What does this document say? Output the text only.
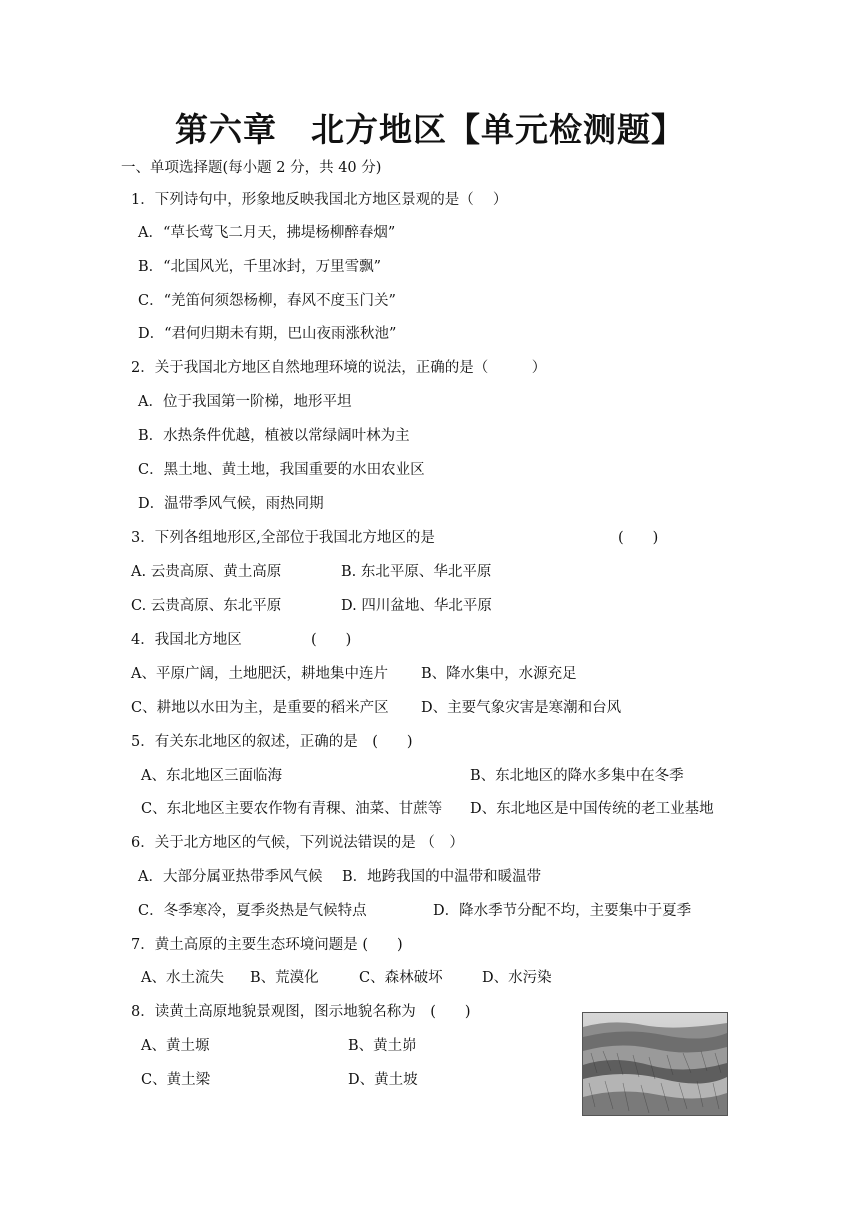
第六章　北方地区【单元检测题】
一、单项选择题(每小题 2 分，共 40 分)
1．下列诗句中，形象地反映我国北方地区景观的是（　 ）
A．“草长莺飞二月天，拂堤杨柳醉春烟”
B．“北国风光，千里冰封，万里雪飘”
C．“羌笛何须怨杨柳，春风不度玉门关”
D．“君何归期未有期，巴山夜雨涨秋池”
2．关于我国北方地区自然地理环境的说法，正确的是（　　　）
A．位于我国第一阶梯，地形平坦
B．水热条件优越，植被以常绿阔叶林为主
C．黑土地、黄土地，我国重要的水田农业区
D．温带季风气候，雨热同期
3．下列各组地形区,全部位于我国北方地区的是	(　　)
A. 云贵高原、黄土高原	B. 东北平原、华北平原
C. 云贵高原、东北平原	D. 四川盆地、华北平原
4．我国北方地区	(　　)
A、平原广阔，土地肥沃，耕地集中连片 B、降水集中，水源充足
C、耕地以水田为主，是重要的稻米产区 D、主要气象灾害是寒潮和台风
5．有关东北地区的叙述，正确的是　(　　)
A、东北地区三面临海	B、东北地区的降水多集中在冬季
C、东北地区主要农作物有青稞、油菜、甘蔗等 D、东北地区是中国传统的老工业基地
6．关于北方地区的气候，下列说法错误的是 （　）
A．大部分属亚热带季风气候 B．地跨我国的中温带和暖温带
C．冬季寒冷，夏季炎热是气候特点	D．降水季节分配不均，主要集中于夏季
7．黄土高原的主要生态环境问题是 (　　)
A、水土流失 B、荒漠化	C、森林破坏	D、水污染
8．读黄土高原地貌景观图，图示地貌名称为　(　　)
A、黄土塬	B、黄土峁
C、黄土梁	D、黄土坡
